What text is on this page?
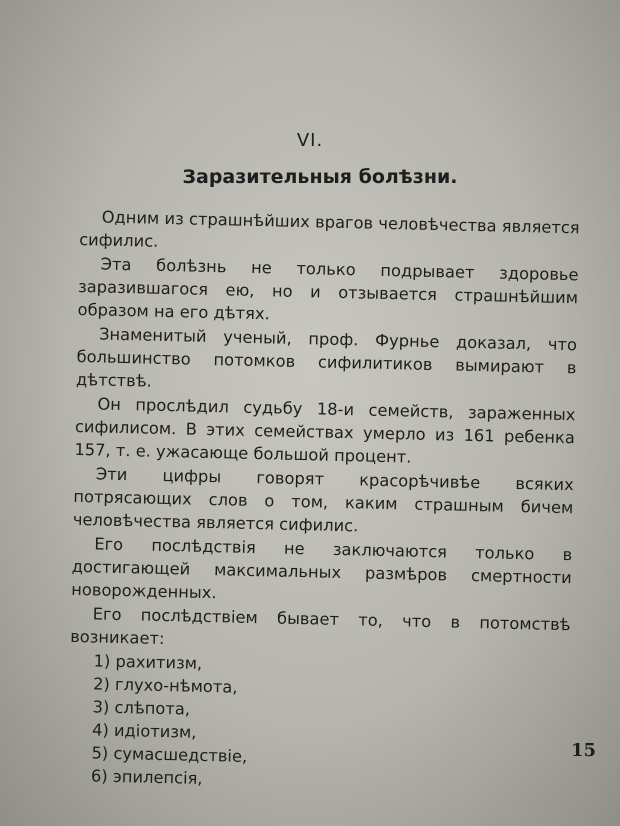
VI.
Заразительныя болѣзни.

Одним из страшнѣйших врагов человѣчества является сифилис.

Эта болѣзнь не только подрывает здоровье заразившагося ею, но и отзывается страшнѣйшим образом на его дѣтях.

Знаменитый ученый, проф. Фурнье доказал, что большинство потомков сифилитиков вымирают в дѣтствѣ.

Он прослѣдил судьбу 18-и семейств, зараженных сифилисом. В этих семействах умерло из 161 ребенка 157, т. е. ужасающе большой процент.

Эти цифры говорят красорѣчивѣе всяких потрясающих слов о том, каким страшным бичем человѣчества является сифилис.

Его послѣдствія не заключаются только в достигающей максимальных размѣров смертности новорожденных.

Его послѣдствіем бывает то, что в потомствѣ возникает:

1) рахитизм,
2) глухо-нѣмота,
3) слѣпота,
4) идіотизм,
5) сумасшедствіе,
6) эпилепсія,
15
